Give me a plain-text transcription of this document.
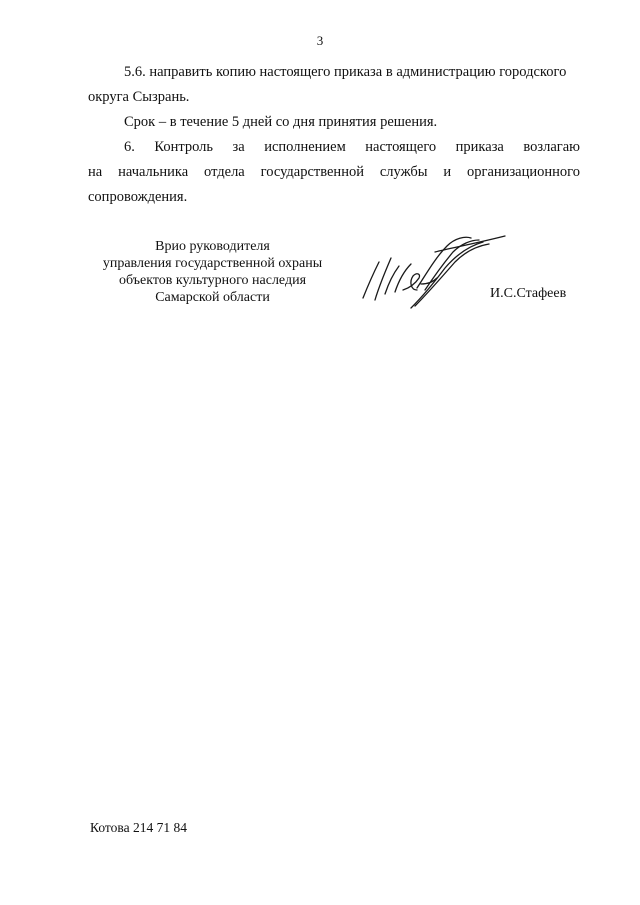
3

5.6. направить копию настоящего приказа в администрацию городского
округа Сызрань.

Срок – в течение 5 дней со дня принятия решения.

6. Контроль за исполнением настоящего приказа возлагаю
на начальника отдела государственной службы и организационного
сопровождения.
Врио руководителя
управления государственной охраны
объектов культурного наследия
Самарской области	И.С.Стафеев
Котова 214 71 84
